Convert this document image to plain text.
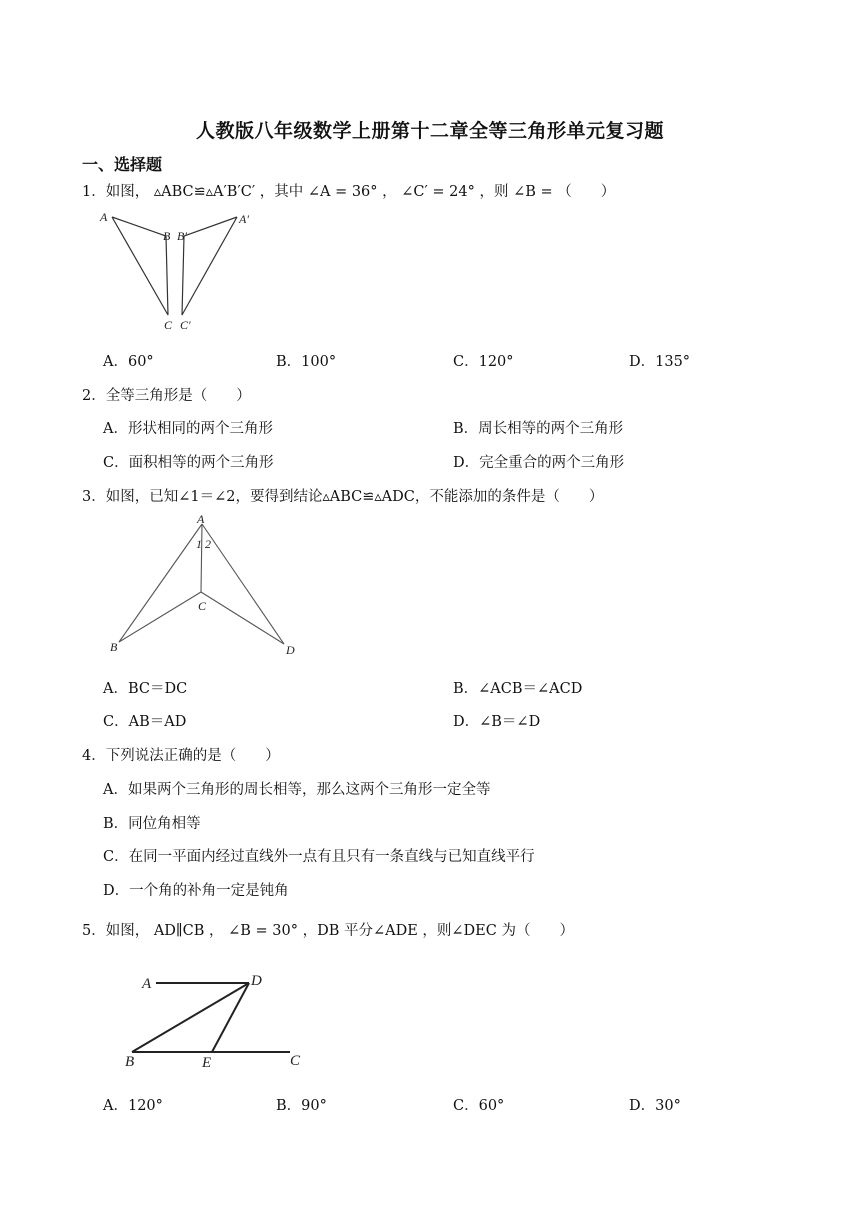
人教版八年级数学上册第十二章全等三角形单元复习题
一、选择题
1．如图， ▵ABC≌▵A′B′C′ ，其中 ∠A = 36° ， ∠C′ = 24° ，则 ∠B = （　　）
A
B
C
A′
B′
C′
A．60°	B．100°	C．120°	D．135°
2．全等三角形是（　　）
A．形状相同的两个三角形	B．周长相等的两个三角形
C．面积相等的两个三角形	D．完全重合的两个三角形
3．如图，已知∠1＝∠2，要得到结论▵ABC≌▵ADC，不能添加的条件是（　　）
A
B
C
D
1 2
A．BC＝DC	B．∠ACB＝∠ACD
C．AB＝AD	D．∠B＝∠D
4．下列说法正确的是（　　）
A．如果两个三角形的周长相等，那么这两个三角形一定全等
B．同位角相等
C．在同一平面内经过直线外一点有且只有一条直线与已知直线平行
D．一个角的补角一定是钝角
5．如图， AD∥CB ， ∠B = 30° ，DB 平分∠ADE ，则∠DEC 为（　　）
A	D
B	E	C
A．120°	B．90°	C．60°	D．30°
